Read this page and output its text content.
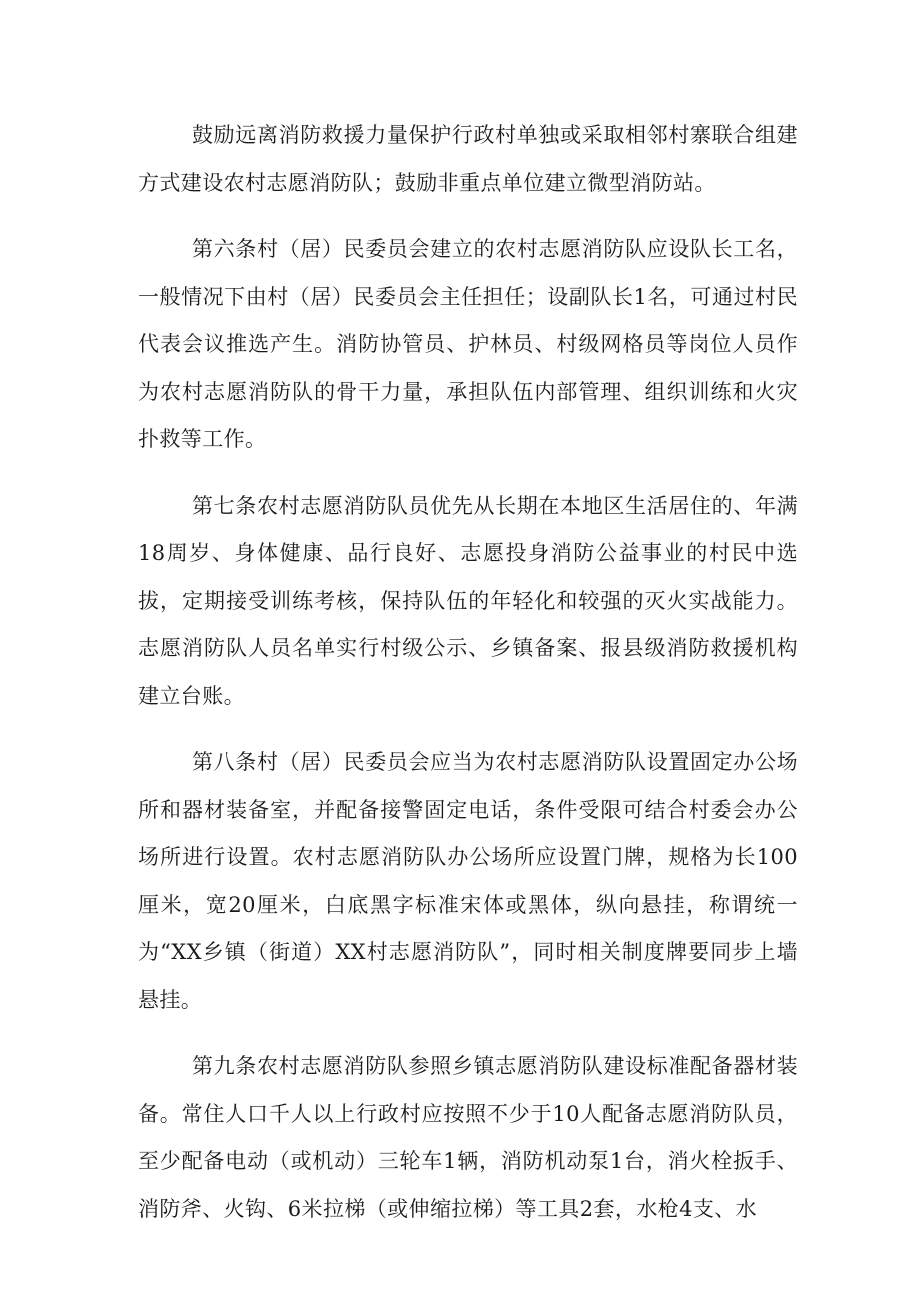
鼓励远离消防救援力量保护行政村单独或采取相邻村寨联合组建方式建设农村志愿消防队；鼓励非重点单位建立微型消防站。

第六条村（居）民委员会建立的农村志愿消防队应设队长工名，一般情况下由村（居）民委员会主任担任；设副队长1名，可通过村民代表会议推选产生。消防协管员、护林员、村级网格员等岗位人员作为农村志愿消防队的骨干力量，承担队伍内部管理、组织训练和火灾扑救等工作。

第七条农村志愿消防队员优先从长期在本地区生活居住的、年满18周岁、身体健康、品行良好、志愿投身消防公益事业的村民中选拔，定期接受训练考核，保持队伍的年轻化和较强的灭火实战能力。志愿消防队人员名单实行村级公示、乡镇备案、报县级消防救援机构建立台账。

第八条村（居）民委员会应当为农村志愿消防队设置固定办公场所和器材装备室，并配备接警固定电话，条件受限可结合村委会办公场所进行设置。农村志愿消防队办公场所应设置门牌，规格为长100厘米，宽20厘米，白底黑字标准宋体或黑体，纵向悬挂，称谓统一为“XX乡镇（街道）XX村志愿消防队”，同时相关制度牌要同步上墙悬挂。

第九条农村志愿消防队参照乡镇志愿消防队建设标准配备器材装备。常住人口千人以上行政村应按照不少于10人配备志愿消防队员，至少配备电动（或机动）三轮车1辆，消防机动泵1台，消火栓扳手、消防斧、火钩、6米拉梯（或伸缩拉梯）等工具2套，水枪4支、水
